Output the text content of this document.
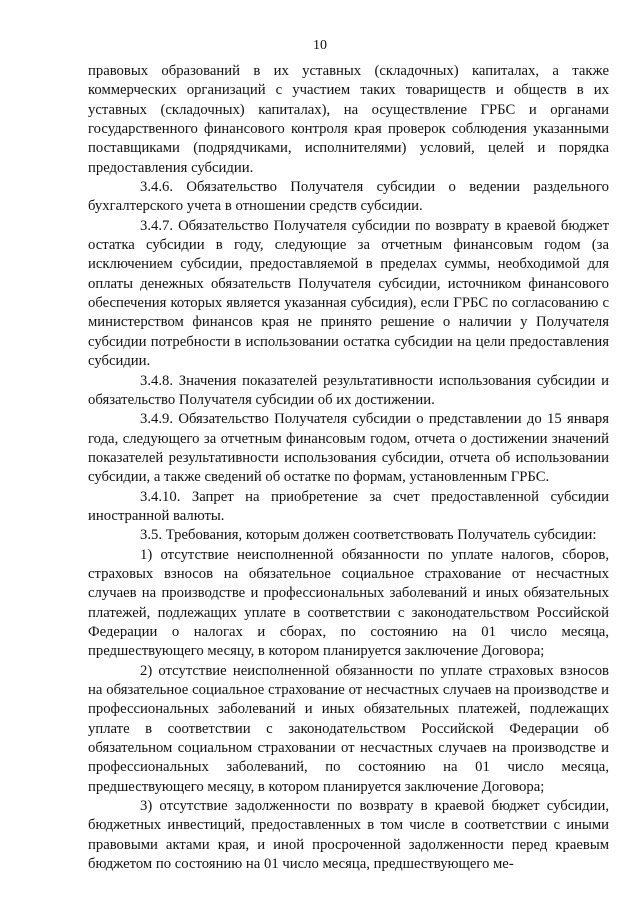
10

правовых образований в их уставных (складочных) капиталах, а также коммерческих организаций с участием таких товариществ и обществ в их уставных (складочных) капиталах), на осуществление ГРБС и органами государственного финансового контроля края проверок соблюдения указанными поставщиками (подрядчиками, исполнителями) условий, целей и порядка предоставления субсидии.

3.4.6. Обязательство Получателя субсидии о ведении раздельного бухгалтерского учета в отношении средств субсидии.

3.4.7. Обязательство Получателя субсидии по возврату в краевой бюджет остатка субсидии в году, следующие за отчетным финансовым годом (за исключением субсидии, предоставляемой в пределах суммы, необходимой для оплаты денежных обязательств Получателя субсидии, источником финансового обеспечения которых является указанная субсидия), если ГРБС по согласованию с министерством финансов края не принято решение о наличии у Получателя субсидии потребности в использовании остатка субсидии на цели предоставления субсидии.

3.4.8. Значения показателей результативности использования субсидии и обязательство Получателя субсидии об их достижении.

3.4.9. Обязательство Получателя субсидии о представлении до 15 января года, следующего за отчетным финансовым годом, отчета о достижении значений показателей результативности использования субсидии, отчета об использовании субсидии, а также сведений об остатке по формам, установленным ГРБС.

3.4.10. Запрет на приобретение за счет предоставленной субсидии иностранной валюты.

3.5. Требования, которым должен соответствовать Получатель субсидии:

1) отсутствие неисполненной обязанности по уплате налогов, сборов, страховых взносов на обязательное социальное страхование от несчастных случаев на производстве и профессиональных заболеваний и иных обязательных платежей, подлежащих уплате в соответствии с законодательством Российской Федерации о налогах и сборах, по состоянию на 01 число месяца, предшествующего месяцу, в котором планируется заключение Договора;

2) отсутствие неисполненной обязанности по уплате страховых взносов на обязательное социальное страхование от несчастных случаев на производстве и профессиональных заболеваний и иных обязательных платежей, подлежащих уплате в соответствии с законодательством Российской Федерации об обязательном социальном страховании от несчастных случаев на производстве и профессиональных заболеваний, по состоянию на 01 число месяца, предшествующего месяцу, в котором планируется заключение Договора;

3) отсутствие задолженности по возврату в краевой бюджет субсидии, бюджетных инвестиций, предоставленных в том числе в соответствии с иными правовыми актами края, и иной просроченной задолженности перед краевым бюджетом по состоянию на 01 число месяца, предшествующего ме-
